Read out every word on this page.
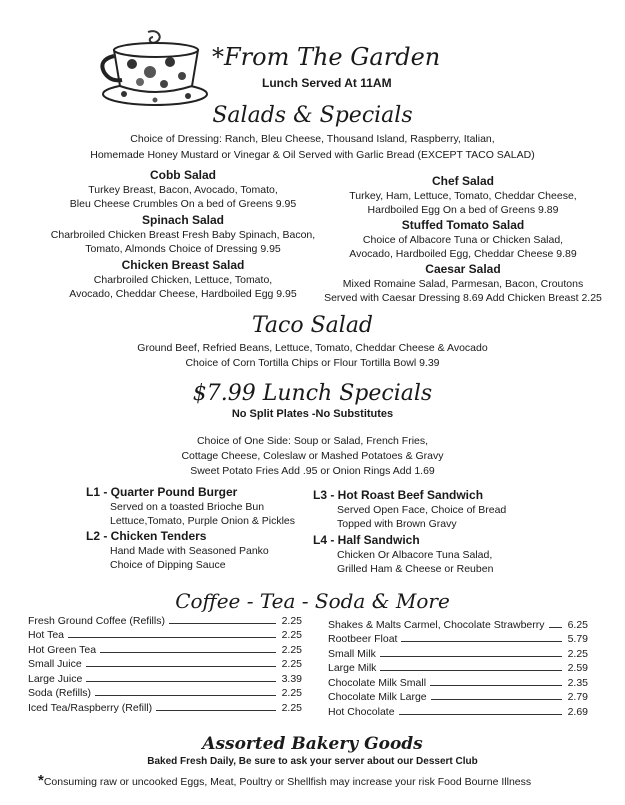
*From The Garden
Lunch Served At 11AM
Salads & Specials
Choice of Dressing: Ranch, Bleu Cheese, Thousand Island, Raspberry, Italian,
Homemade Honey Mustard or Vinegar & Oil Served with Garlic Bread (EXCEPT TACO SALAD)
Cobb Salad
Turkey Breast, Bacon, Avocado, Tomato,
Bleu Cheese Crumbles On a bed of Greens 9.95
Spinach Salad
Charbroiled Chicken Breast Fresh Baby Spinach, Bacon,
Tomato, Almonds Choice of Dressing 9.95
Chicken Breast Salad
Charbroiled Chicken, Lettuce, Tomato,
Avocado, Cheddar Cheese, Hardboiled Egg 9.95
Chef Salad
Turkey, Ham, Lettuce, Tomato, Cheddar Cheese,
Hardboiled Egg On a bed of Greens 9.89
Stuffed Tomato Salad
Choice of Albacore Tuna or Chicken Salad,
Avocado, Hardboiled Egg, Cheddar Cheese 9.89
Caesar Salad
Mixed Romaine Salad, Parmesan, Bacon, Croutons
Served with Caesar Dressing 8.69 Add Chicken Breast 2.25
Taco Salad
Ground Beef, Refried Beans, Lettuce, Tomato, Cheddar Cheese & Avocado
Choice of Corn Tortilla Chips or Flour Tortilla Bowl 9.39
$7.99 Lunch Specials
No Split Plates -No Substitutes
Choice of One Side: Soup or Salad, French Fries,
Cottage Cheese, Coleslaw or Mashed Potatoes & Gravy
Sweet Potato Fries Add .95 or Onion Rings Add 1.69
L1 - Quarter Pound Burger
Served on a toasted Brioche Bun
Lettuce,Tomato, Purple Onion & Pickles
L2 - Chicken Tenders
Hand Made with Seasoned Panko
Choice of Dipping Sauce
L3 - Hot Roast Beef Sandwich
Served Open Face, Choice of Bread
Topped with Brown Gravy
L4 - Half Sandwich
Chicken Or Albacore Tuna Salad,
Grilled Ham & Cheese or Reuben
Coffee - Tea - Soda & More
Fresh Ground Coffee (Refills)	2.25
Hot Tea	2.25
Hot Green Tea	2.25
Small Juice	2.25
Large Juice	3.39
Soda (Refills)	2.25
Iced Tea/Raspberry (Refill)	2.25
Shakes & Malts Carmel, Chocolate Strawberry 6.25
Rootbeer Float	5.79
Small Milk	2.25
Large Milk	2.59
Chocolate Milk Small	2.35
Chocolate Milk Large	2.79
Hot Chocolate	2.69
Assorted Bakery Goods
Baked Fresh Daily, Be sure to ask your server about our Dessert Club
*Consuming raw or uncooked Eggs, Meat, Poultry or Shellfish may increase your risk Food Bourne Illness
